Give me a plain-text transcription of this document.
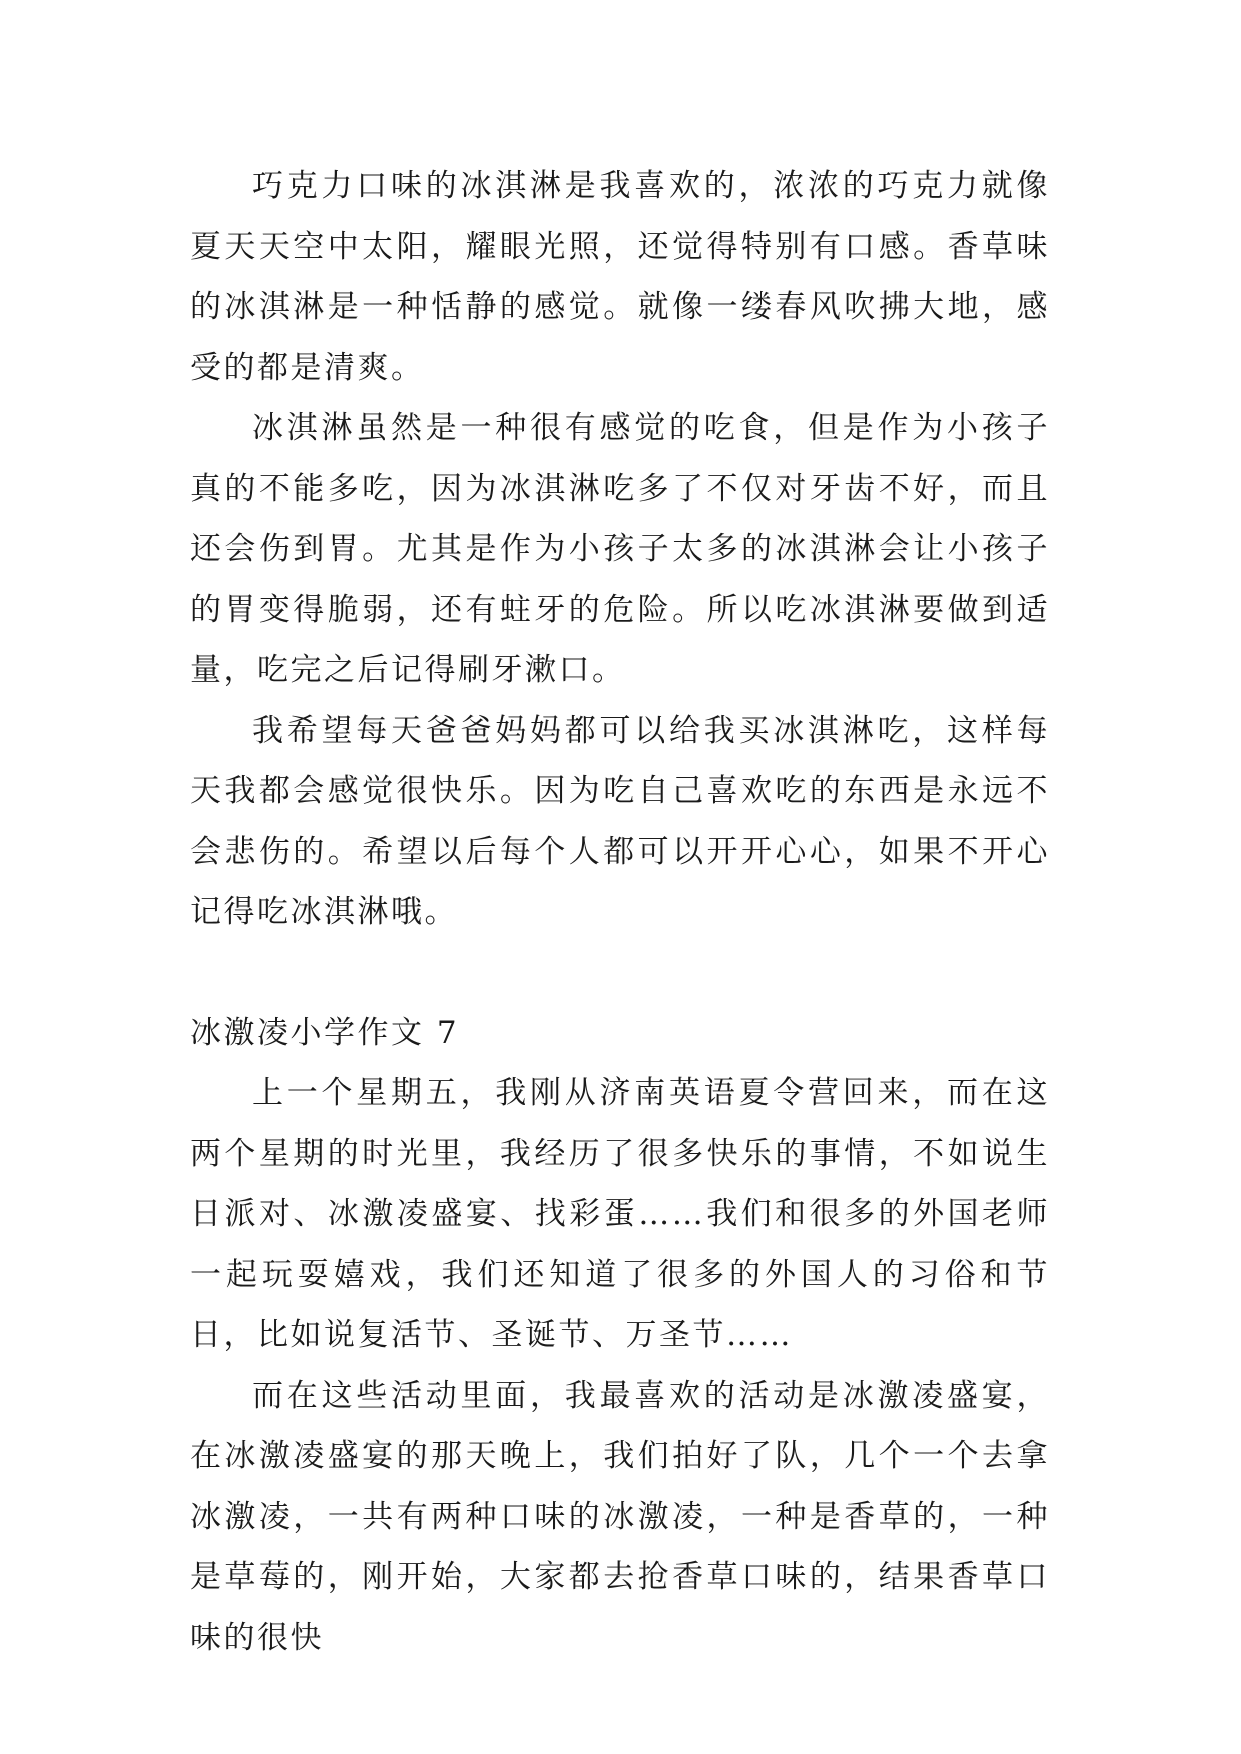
巧克力口味的冰淇淋是我喜欢的，浓浓的巧克力就像夏天天空中太阳，耀眼光照，还觉得特别有口感。香草味的冰淇淋是一种恬静的感觉。就像一缕春风吹拂大地，感受的都是清爽。

冰淇淋虽然是一种很有感觉的吃食，但是作为小孩子真的不能多吃，因为冰淇淋吃多了不仅对牙齿不好，而且还会伤到胃。尤其是作为小孩子太多的冰淇淋会让小孩子的胃变得脆弱，还有蛀牙的危险。所以吃冰淇淋要做到适量，吃完之后记得刷牙漱口。

我希望每天爸爸妈妈都可以给我买冰淇淋吃，这样每天我都会感觉很快乐。因为吃自己喜欢吃的东西是永远不会悲伤的。希望以后每个人都可以开开心心，如果不开心记得吃冰淇淋哦。

冰激凌小学作文 7

上一个星期五，我刚从济南英语夏令营回来，而在这两个星期的时光里，我经历了很多快乐的事情，不如说生日派对、冰激凌盛宴、找彩蛋……我们和很多的外国老师一起玩耍嬉戏，我们还知道了很多的外国人的习俗和节日，比如说复活节、圣诞节、万圣节……

而在这些活动里面，我最喜欢的活动是冰激凌盛宴，在冰激凌盛宴的那天晚上，我们拍好了队，几个一个去拿冰激凌，一共有两种口味的冰激凌，一种是香草的，一种是草莓的，刚开始，大家都去抢香草口味的，结果香草口味的很快
